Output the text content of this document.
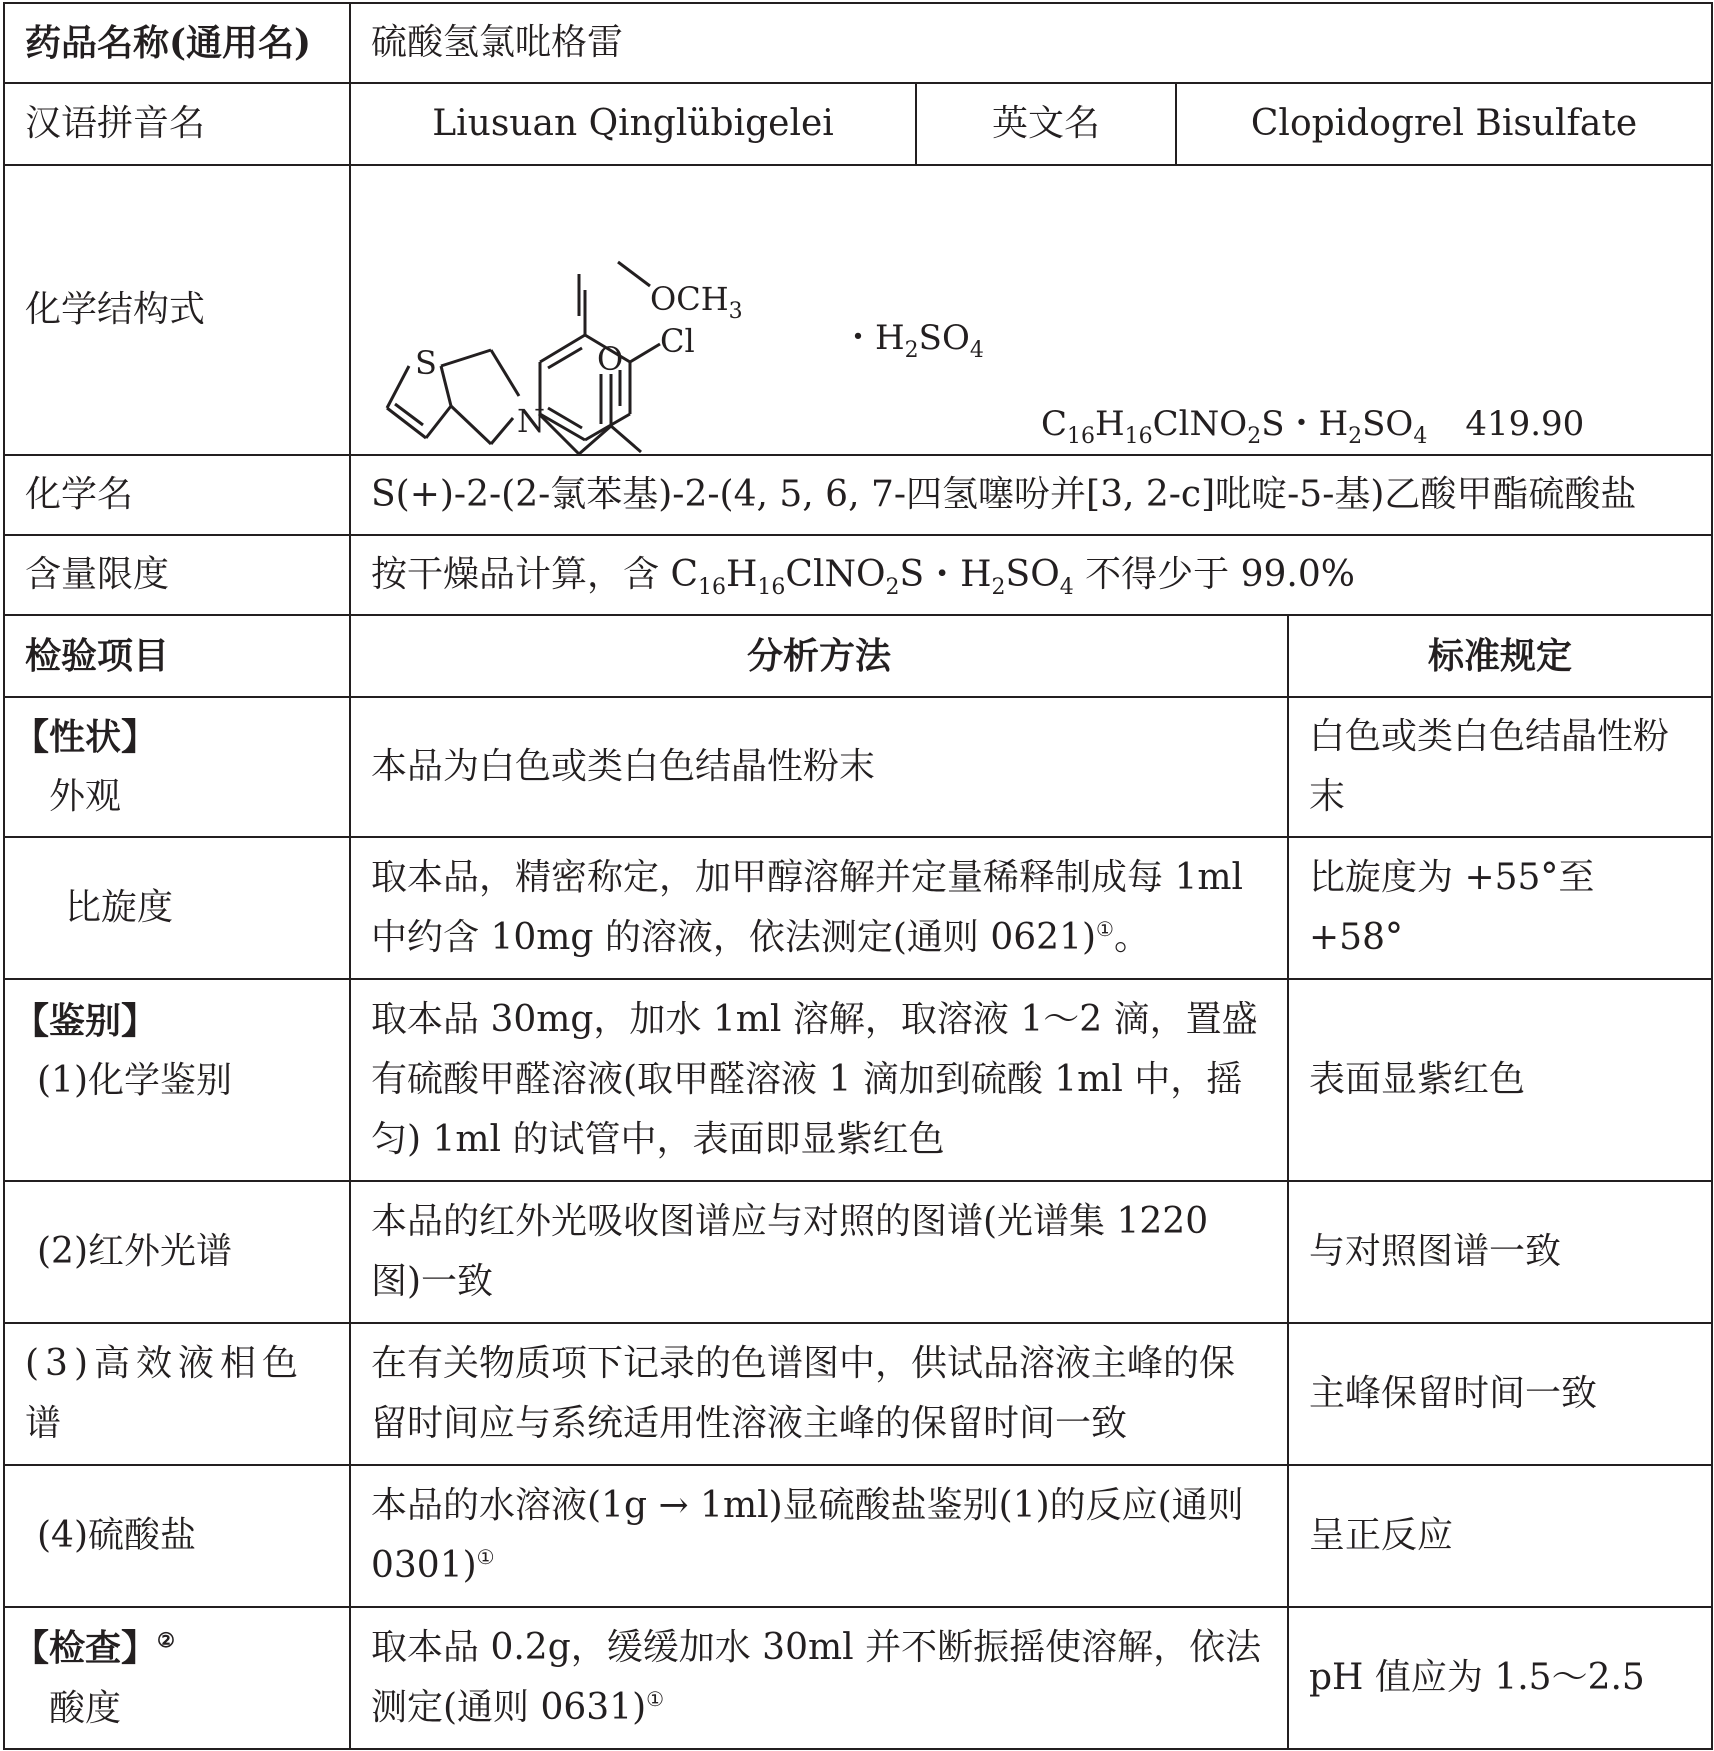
药品名称(通用名)	硫酸氢氯吡格雷			
汉语拼音名	Liusuan Qinglübigelei	英文名	Clopidogrel Bisulfate	
化学结构式	S O
N
・$H_2SO_4$
$C_{16}H_{16}ClNO_2S$・$H_2SO_4$ 419.90			

化学名	S(+)-2-(2-氯苯基)-2-(4, 5, 6, 7-四氢噻吩并[3, 2-c]吡啶-5-基)乙酸甲酯硫酸盐			
含量限度	按干燥品计算，含 $C_{16}H_{16}ClNO_2S$・$H_2SO_4$ 不得少于 99.0%			
检验项目	分析方法			标准规定

【性状】
外观	本品为白色或类白色结晶性粉末			白色或类白色结晶性粉末
比旋度	取本品，精密称定，加甲醇溶解并定量稀释制成每 1ml 中约含 10mg 的溶液，依法测定(通则 0621)①。			比旋度为 +55°至 +58°

【鉴别】
(1)化学鉴别	取本品 30mg，加水 1ml 溶解，取溶液 1～2 滴，置盛有硫酸甲醛溶液(取甲醛溶液 1 滴加到硫酸 1ml 中，摇匀) 1ml 的试管中，表面即显紫红色			表面显紫红色
(2)红外光谱	本品的红外光吸收图谱应与对照的图谱(光谱集 1220 图)一致			与对照图谱一致
(3)高效液相色谱	在有关物质项下记录的色谱图中，供试品溶液主峰的保留时间应与系统适用性溶液主峰的保留时间一致			主峰保留时间一致
(4)硫酸盐	本品的水溶液(1g → 1ml)显硫酸盐鉴别(1)的反应(通则 0301)①			呈正反应

【检查】②
酸度	取本品 0.2g，缓缓加水 30ml 并不断振摇使溶解，依法测定(通则 0631)①			pH 值应为 1.5～2.5
$OCH_3$
Cl
